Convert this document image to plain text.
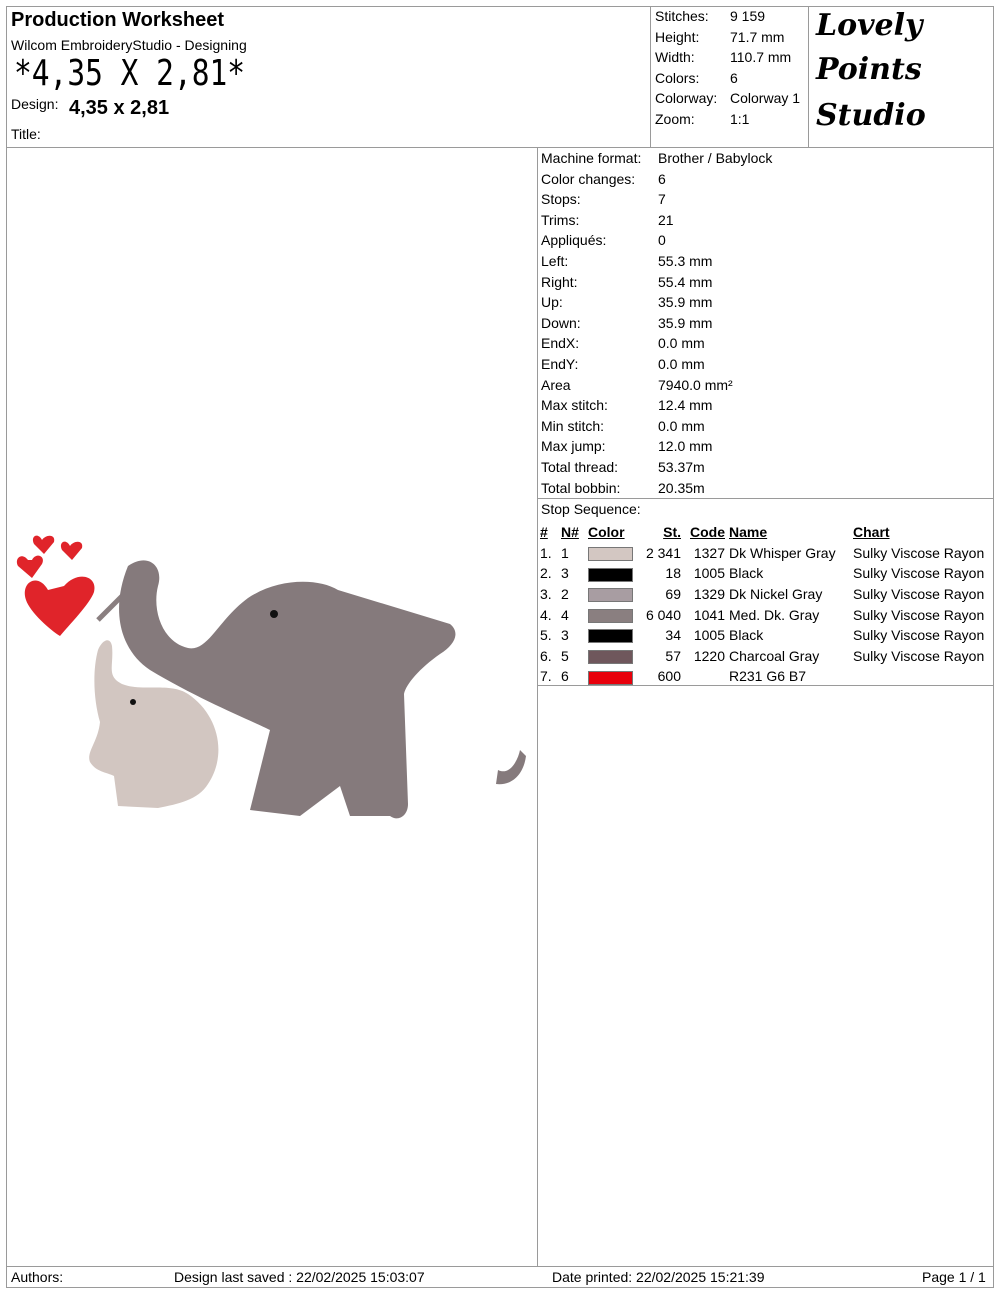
Production Worksheet
Wilcom EmbroideryStudio - Designing
*4,35 X 2,81*
Design: 4,35 x 2,81
Title:
Stitches: 9 159
Height: 71.7 mm
Width:	110.7 mm
Colors: 6
Colorway: Colorway 1
Zoom:	1:1
Lovely
Points
Studio
Machine format: Brother / Babylock
Color changes: 6
Stops:	7
Trims:	21
Appliqués:	0
Left:	55.3 mm
Right:	55.4 mm
Up:	35.9 mm
Down:	35.9 mm
EndX:	0.0 mm
EndY:	0.0 mm
Area	7940.0 mm²
Max stitch:	12.4 mm
Min stitch:	0.0 mm
Max jump:	12.0 mm
Total thread:	53.37m
Total bobbin:	20.35m
Stop Sequence:
#	N#	Color	St.	Code	Name	Chart
1.	1		2 341	1327	Dk Whisper Gray	Sulky Viscose Rayon
2.	3		18	1005	Black	Sulky Viscose Rayon
3.	2		69	1329	Dk Nickel Gray	Sulky Viscose Rayon
4.	4		6 040	1041	Med. Dk. Gray	Sulky Viscose Rayon
5.	3		34	1005	Black	Sulky Viscose Rayon
6.	5		57	1220	Charcoal Gray	Sulky Viscose Rayon
7.	6		600		R231 G6 B7	
Authors:	Design last saved : 22/02/2025 15:03:07	Date printed: 22/02/2025 15:21:39	Page 1 / 1
